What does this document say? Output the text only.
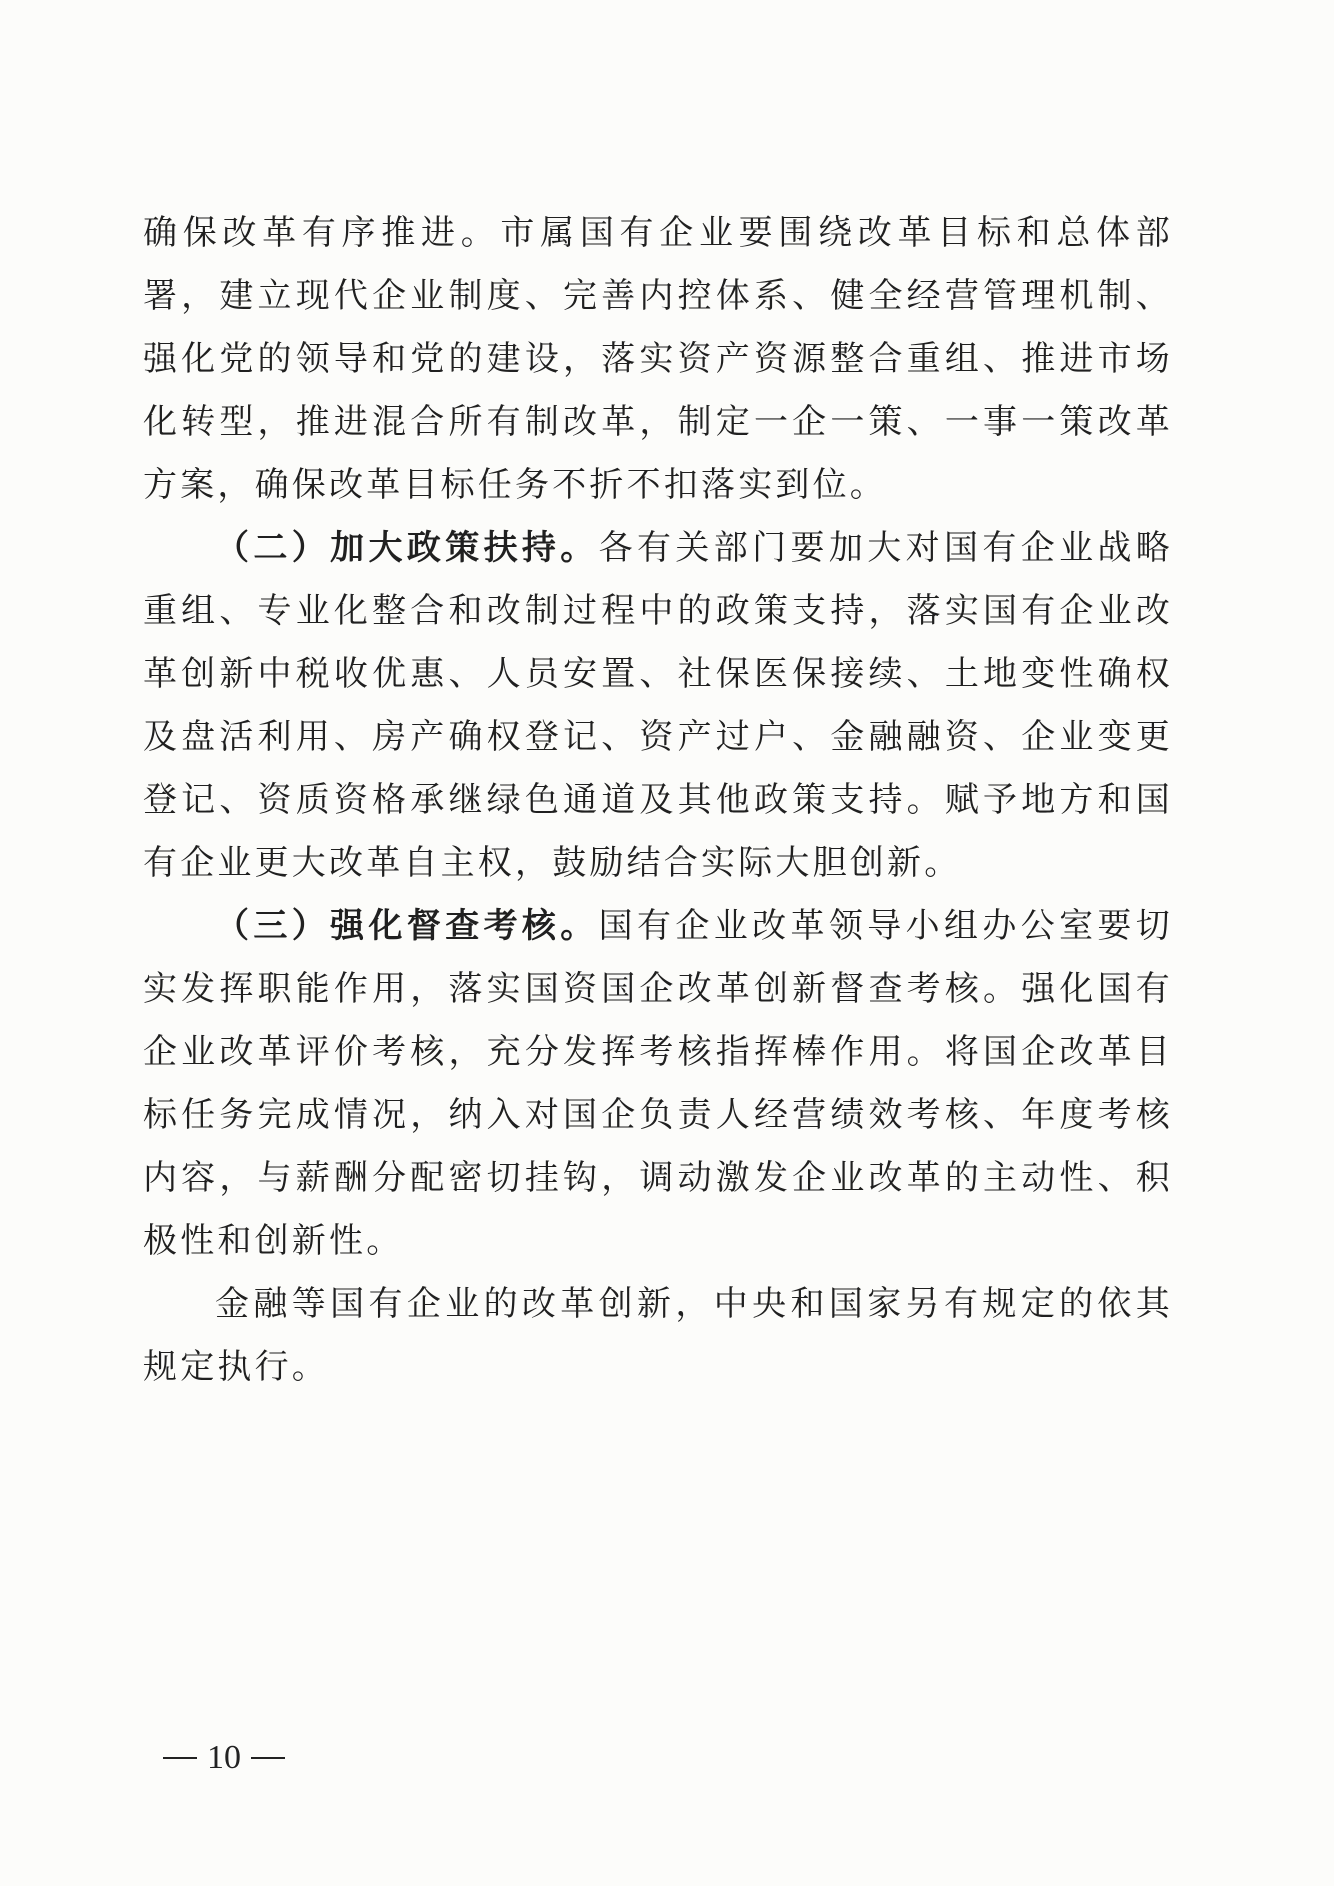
确保改革有序推进。市属国有企业要围绕改革目标和总体部署，建立现代企业制度、完善内控体系、健全经营管理机制、强化党的领导和党的建设，落实资产资源整合重组、推进市场化转型，推进混合所有制改革，制定一企一策、一事一策改革方案，确保改革目标任务不折不扣落实到位。

（二）加大政策扶持。各有关部门要加大对国有企业战略重组、专业化整合和改制过程中的政策支持，落实国有企业改革创新中税收优惠、人员安置、社保医保接续、土地变性确权及盘活利用、房产确权登记、资产过户、金融融资、企业变更登记、资质资格承继绿色通道及其他政策支持。赋予地方和国有企业更大改革自主权，鼓励结合实际大胆创新。

（三）强化督查考核。国有企业改革领导小组办公室要切实发挥职能作用，落实国资国企改革创新督查考核。强化国有企业改革评价考核，充分发挥考核指挥棒作用。将国企改革目标任务完成情况，纳入对国企负责人经营绩效考核、年度考核内容，与薪酬分配密切挂钩，调动激发企业改革的主动性、积极性和创新性。

金融等国有企业的改革创新，中央和国家另有规定的依其规定执行。

10
